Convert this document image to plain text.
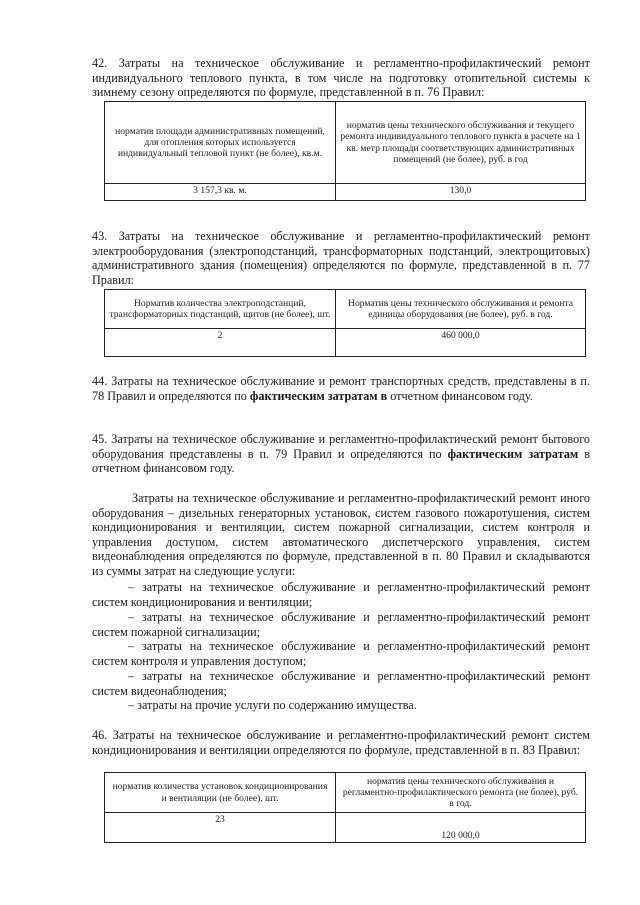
42. Затраты на техническое обслуживание и регламентно-профилактический ремонт индивидуального теплового пункта, в том числе на подготовку отопительной системы к зимнему сезону определяются по формуле, представленной в п. 76 Правил:

норматив площади административных помещений, для отопления которых используется индивидуальный тепловой пункт (не более), кв.м.	норматив цены технического обслуживания и текущего ремонта индивидуального теплового пункта в расчете на 1 кв. метр площади соответствующих административных помещений (не более), руб. в год
3 157,3 кв. м.	130,0

43. Затраты на техническое обслуживание и регламентно-профилактический ремонт электрооборудования (электроподстанций, трансформаторных подстанций, электрощитовых) административного здания (помещения) определяются по формуле, представленной в п. 77 Правил:

Норматив количества электроподстанций, трансформаторных подстанций, щитов (не более), шт.	Норматив цены технического обслуживания и ремонта единицы оборудования (не более), руб. в год.
2	460 000,0

44. Затраты на техническое обслуживание и ремонт транспортных средств, представлены в п. 78 Правил и определяются по фактическим затратам в отчетном финансовом году.

45. Затраты на техническое обслуживание и регламентно-профилактический ремонт бытового оборудования представлены в п. 79 Правил и определяются по фактическим затратам в отчетном финансовом году.

Затраты на техническое обслуживание и регламентно-профилактический ремонт иного оборудования – дизельных генераторных установок, систем газового пожаротушения, систем кондиционирования и вентиляции, систем пожарной сигнализации, систем контроля и управления доступом, систем автоматического диспетчерского управления, систем видеонаблюдения определяются по формуле, представленной в п. 80 Правил и складываются из суммы затрат на следующие услуги:

– затраты на техническое обслуживание и регламентно-профилактический ремонт систем кондиционирования и вентиляции;

– затраты на техническое обслуживание и регламентно-профилактический ремонт систем пожарной сигнализации;

– затраты на техническое обслуживание и регламентно-профилактический ремонт систем контроля и управления доступом;

– затраты на техническое обслуживание и регламентно-профилактический ремонт систем видеонаблюдения;

– затраты на прочие услуги по содержанию имущества.

46. Затраты на техническое обслуживание и регламентно-профилактический ремонт систем кондиционирования и вентиляции определяются по формуле, представленной в п. 83 Правил:

норматив количества установок кондиционирования и вентиляции (не более), шт.	норматив цены технического обслуживания и регламентно-профилактического ремонта (не более), руб. в год.
23	120 000,0
